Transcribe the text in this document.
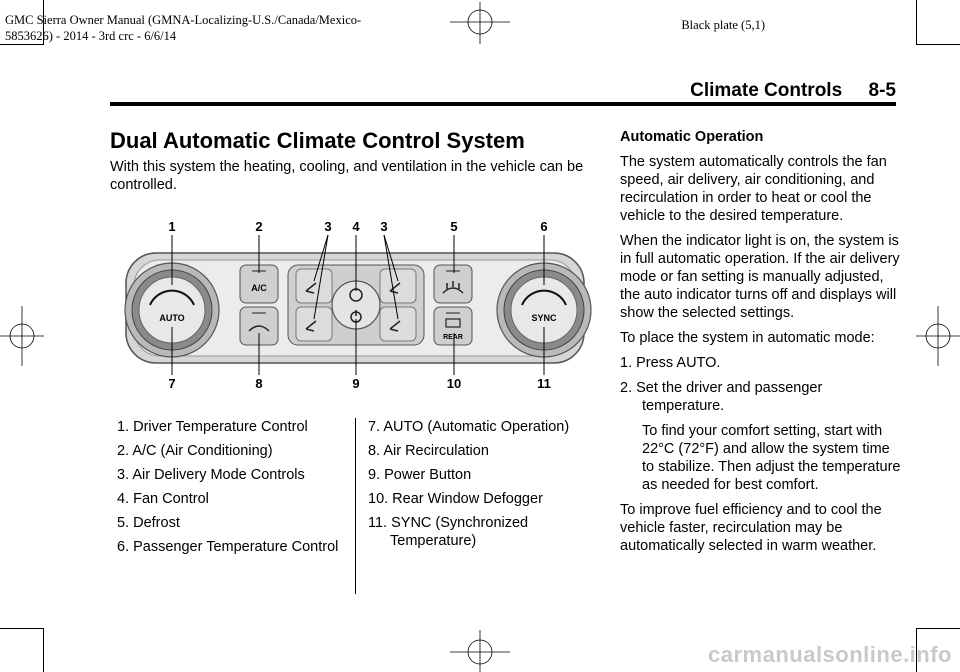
GMC Sierra Owner Manual (GMNA-Localizing-U.S./Canada/Mexico-
5853626) - 2014 - 3rd crc - 6/6/14
Black plate (5,1)
Climate Controls     8-5
Dual Automatic Climate Control System
With this system the heating, cooling, and ventilation in the vehicle can be controlled.
1	2	3 4 3	5	6
7	8	9	10	11
AUTO	SYNC
A/C
REAR
1. Driver Temperature Control
2. A/C (Air Conditioning)
3. Air Delivery Mode Controls
4. Fan Control
5. Defrost
6. Passenger Temperature Control
7. AUTO (Automatic Operation)
8. Air Recirculation
9. Power Button
10. Rear Window Defogger
11. SYNC (Synchronized
Temperature)

Automatic Operation

The system automatically controls the fan speed, air delivery, air conditioning, and recirculation in order to heat or cool the vehicle to the desired temperature.

When the indicator light is on, the system is in full automatic operation. If the air delivery mode or fan setting is manually adjusted, the auto indicator turns off and displays will show the selected settings.

To place the system in automatic mode:

1. Press AUTO.

2. Set the driver and passenger

temperature.

To find your comfort setting, start with 22°C (72°F) and allow the system time to stabilize. Then adjust the temperature as needed for best comfort.

To improve fuel efficiency and to cool the vehicle faster, recirculation may be automatically selected in warm weather.

carmanualsonline.info
